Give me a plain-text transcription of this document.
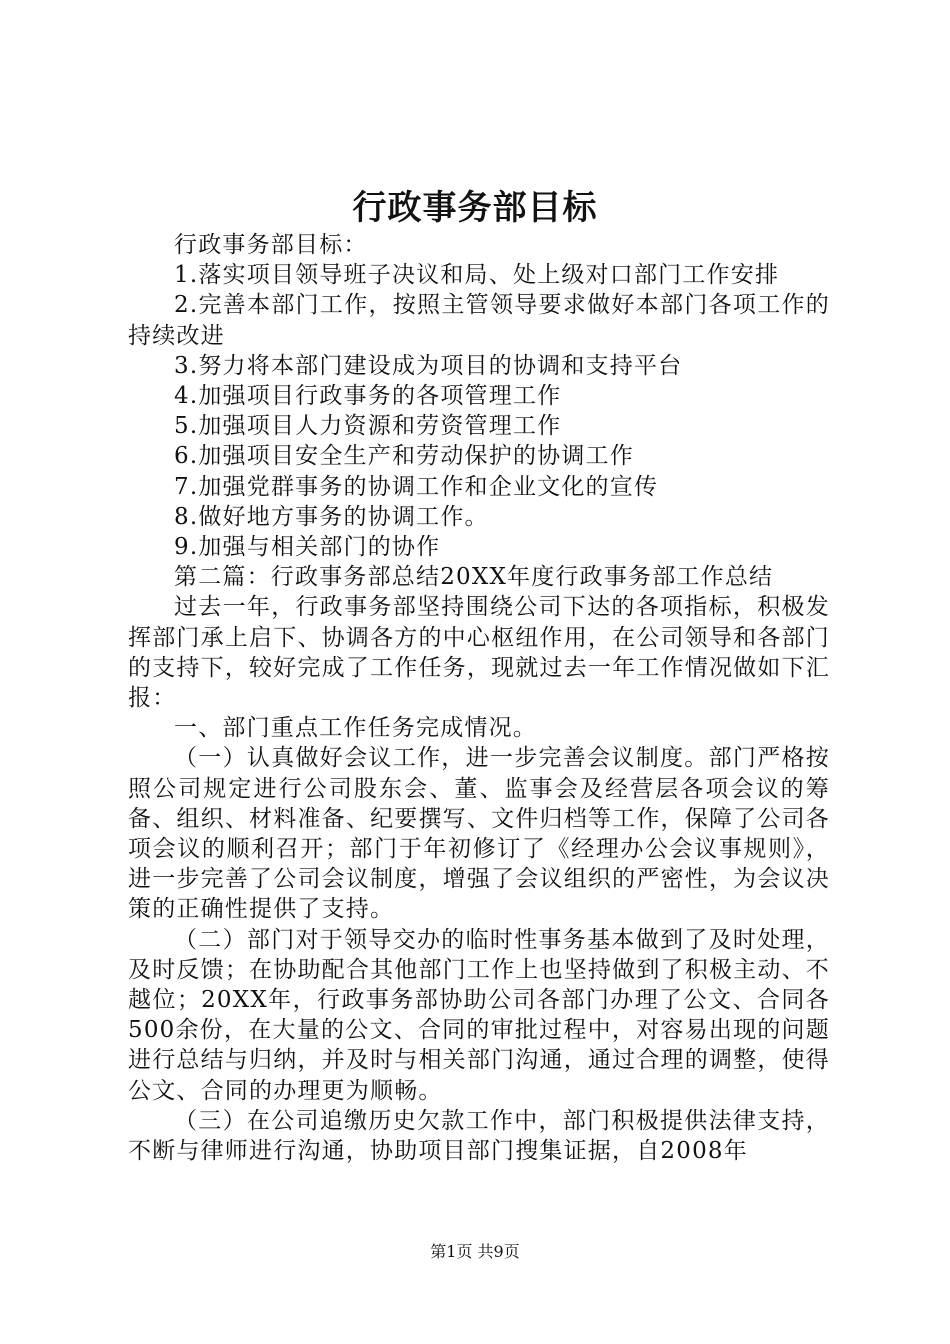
行政事务部目标

行政事务部目标：

1.落实项目领导班子决议和局、处上级对口部门工作安排

2.完善本部门工作，按照主管领导要求做好本部门各项工作的持续改进

3.努力将本部门建设成为项目的协调和支持平台

4.加强项目行政事务的各项管理工作

5.加强项目人力资源和劳资管理工作

6.加强项目安全生产和劳动保护的协调工作

7.加强党群事务的协调工作和企业文化的宣传

8.做好地方事务的协调工作。

9.加强与相关部门的协作

第二篇：行政事务部总结20XX年度行政事务部工作总结

过去一年，行政事务部坚持围绕公司下达的各项指标，积极发挥部门承上启下、协调各方的中心枢纽作用，在公司领导和各部门的支持下，较好完成了工作任务，现就过去一年工作情况做如下汇报：

一、部门重点工作任务完成情况。

（一）认真做好会议工作，进一步完善会议制度。部门严格按照公司规定进行公司股东会、董、监事会及经营层各项会议的筹备、组织、材料准备、纪要撰写、文件归档等工作，保障了公司各项会议的顺利召开；部门于年初修订了《经理办公会议事规则》，进一步完善了公司会议制度，增强了会议组织的严密性，为会议决策的正确性提供了支持。

（二）部门对于领导交办的临时性事务基本做到了及时处理，及时反馈；在协助配合其他部门工作上也坚持做到了积极主动、不越位；20XX年，行政事务部协助公司各部门办理了公文、合同各500余份，在大量的公文、合同的审批过程中，对容易出现的问题进行总结与归纳，并及时与相关部门沟通，通过合理的调整，使得公文、合同的办理更为顺畅。

（三）在公司追缴历史欠款工作中，部门积极提供法律支持，不断与律师进行沟通，协助项目部门搜集证据，自2008年

第1页 共9页
